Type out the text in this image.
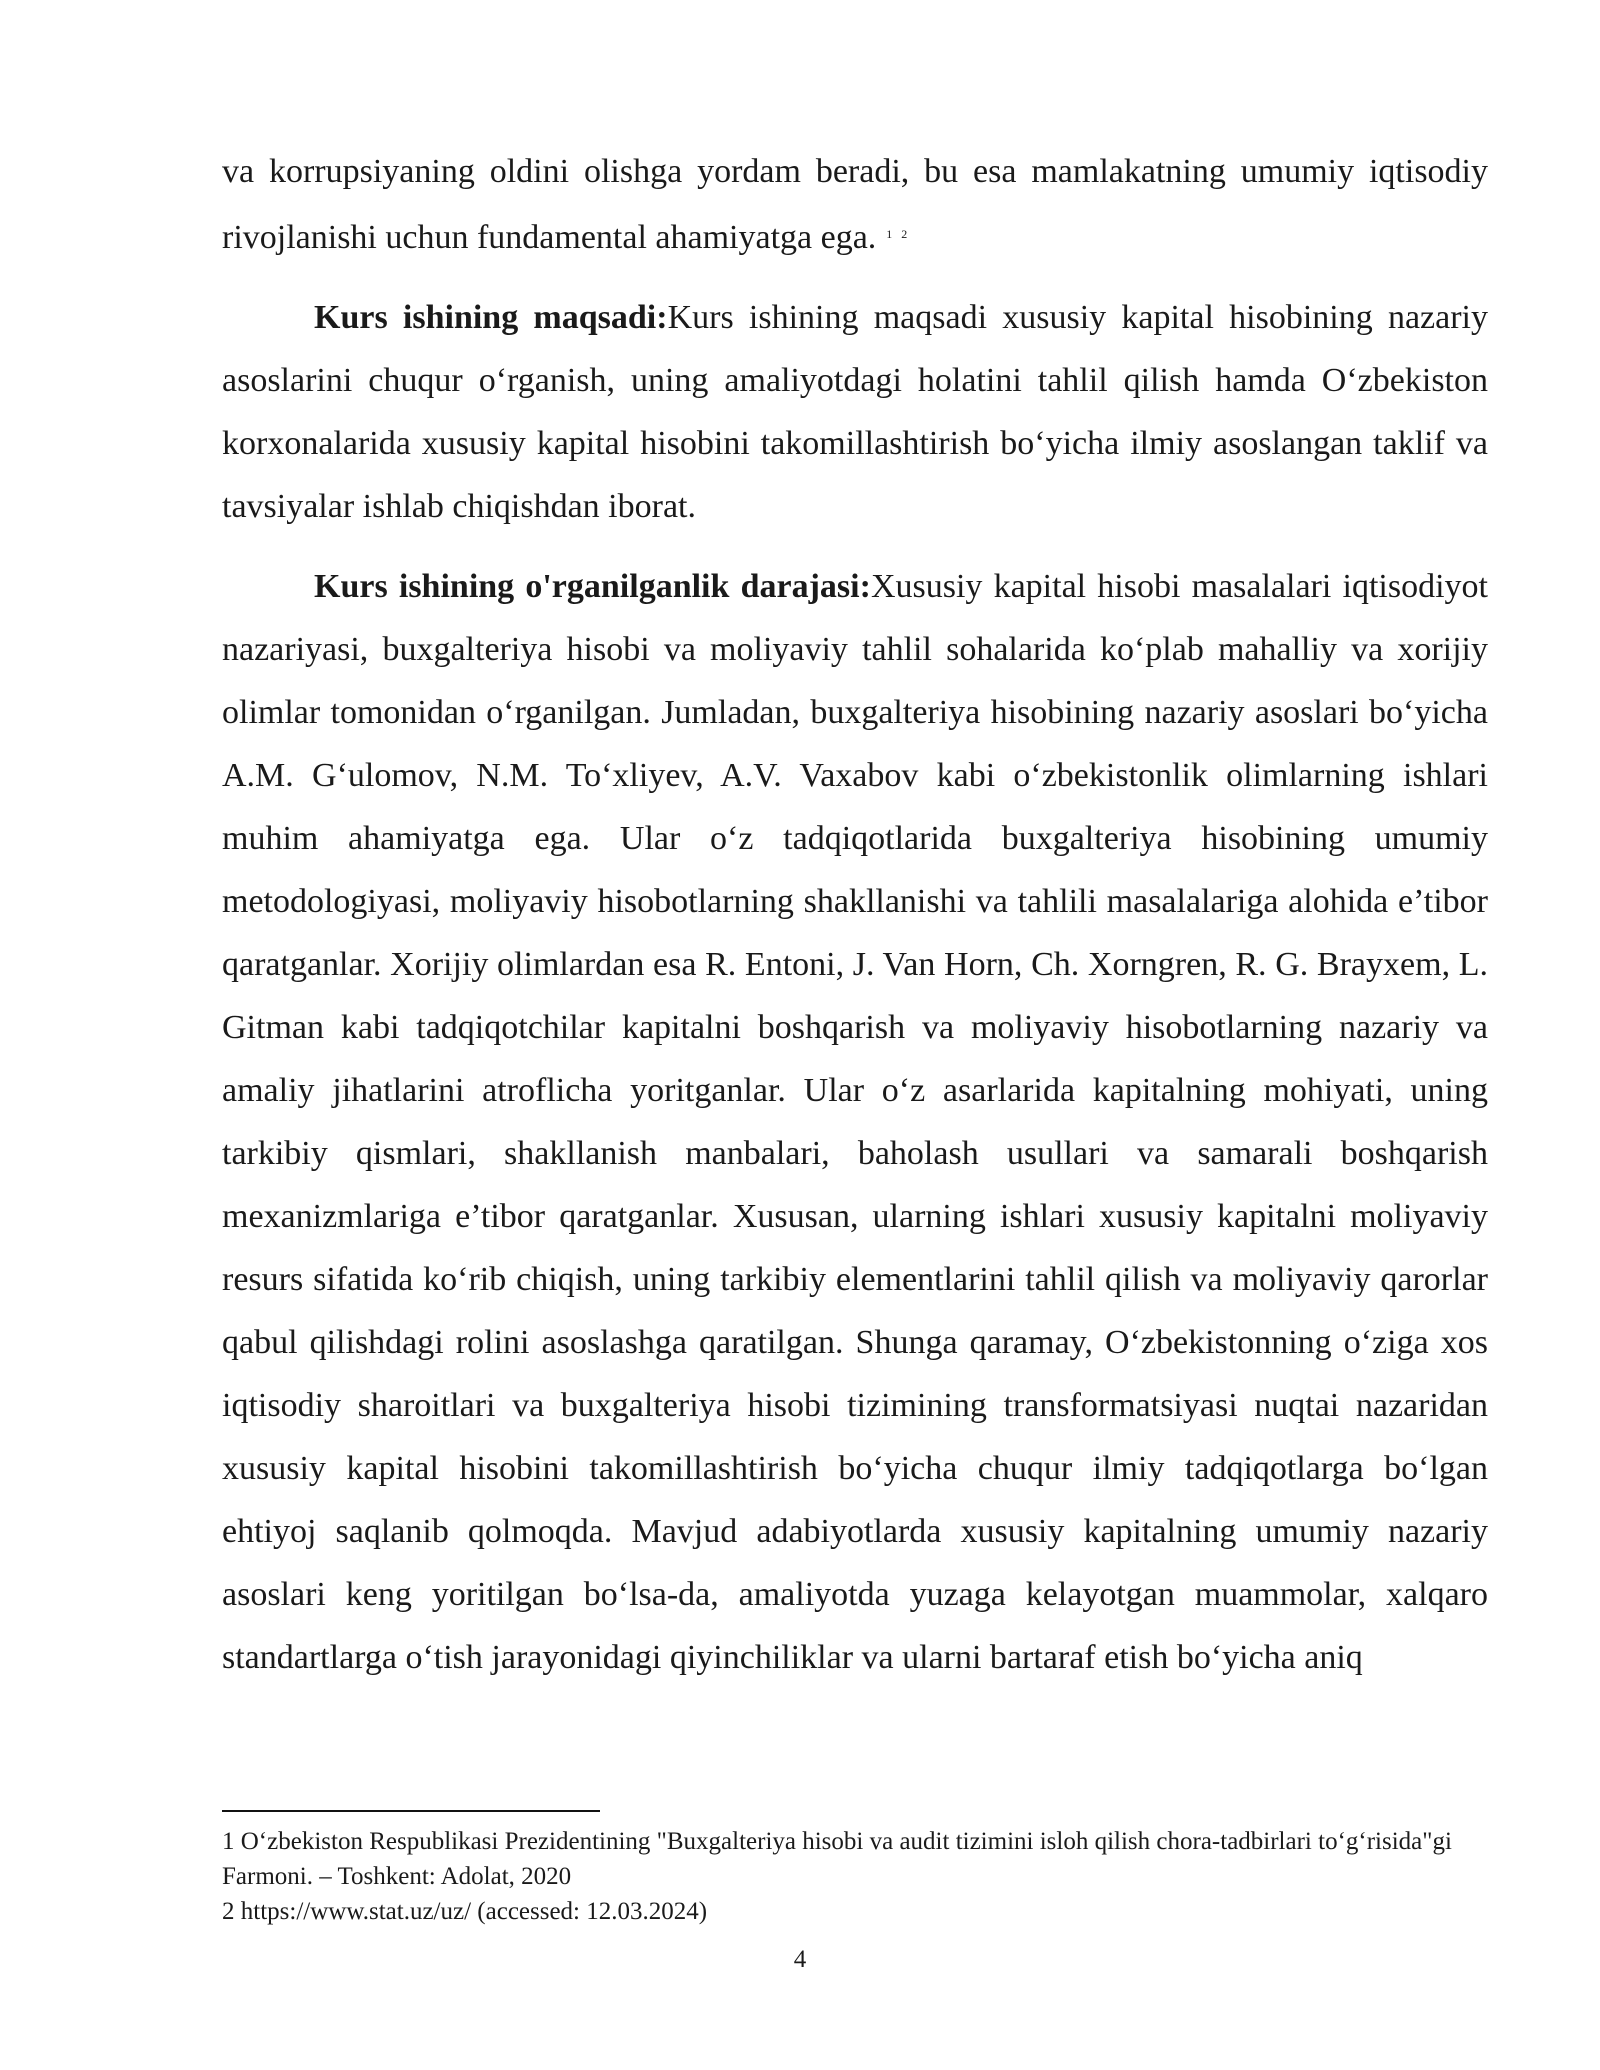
va korrupsiyaning oldini olishga yordam beradi, bu esa mamlakatning umumiy iqtisodiy rivojlanishi uchun fundamental ahamiyatga ega. $^{1 2}$

Kurs ishining maqsadi:Kurs ishining maqsadi xususiy kapital hisobining nazariy asoslarini chuqur o‘rganish, uning amaliyotdagi holatini tahlil qilish hamda O‘zbekiston korxonalarida xususiy kapital hisobini takomillashtirish bo‘yicha ilmiy asoslangan taklif va tavsiyalar ishlab chiqishdan iborat.

Kurs ishining o'rganilganlik darajasi:Xususiy kapital hisobi masalalari iqtisodiyot nazariyasi, buxgalteriya hisobi va moliyaviy tahlil sohalarida ko‘plab mahalliy va xorijiy olimlar tomonidan o‘rganilgan. Jumladan, buxgalteriya hisobining nazariy asoslari bo‘yicha A.M. G‘ulomov, N.M. To‘xliyev, A.V. Vaxabov kabi o‘zbekistonlik olimlarning ishlari muhim ahamiyatga ega. Ular o‘z tadqiqotlarida buxgalteriya hisobining umumiy metodologiyasi, moliyaviy hisobotlarning shakllanishi va tahlili masalalariga alohida e’tibor qaratganlar. Xorijiy olimlardan esa R. Entoni, J. Van Horn, Ch. Xorngren, R. G. Brayxem, L. Gitman kabi tadqiqotchilar kapitalni boshqarish va moliyaviy hisobotlarning nazariy va amaliy jihatlarini atroflicha yoritganlar. Ular o‘z asarlarida kapitalning mohiyati, uning tarkibiy qismlari, shakllanish manbalari, baholash usullari va samarali boshqarish mexanizmlariga e’tibor qaratganlar. Xususan, ularning ishlari xususiy kapitalni moliyaviy resurs sifatida ko‘rib chiqish, uning tarkibiy elementlarini tahlil qilish va moliyaviy qarorlar qabul qilishdagi rolini asoslashga qaratilgan. Shunga qaramay, O‘zbekistonning o‘ziga xos iqtisodiy sharoitlari va buxgalteriya hisobi tizimining transformatsiyasi nuqtai nazaridan xususiy kapital hisobini takomillashtirish bo‘yicha chuqur ilmiy tadqiqotlarga bo‘lgan ehtiyoj saqlanib qolmoqda. Mavjud adabiyotlarda xususiy kapitalning umumiy nazariy asoslari keng yoritilgan bo‘lsa-da, amaliyotda yuzaga kelayotgan muammolar, xalqaro standartlarga o‘tish jarayonidagi qiyinchiliklar va ularni bartaraf etish bo‘yicha aniq

1 O‘zbekiston Respublikasi Prezidentining "Buxgalteriya hisobi va audit tizimini isloh qilish chora-tadbirlari to‘g‘risida"gi Farmoni. – Toshkent: Adolat, 2020

2 https://www.stat.uz/uz/ (accessed: 12.03.2024)

4
